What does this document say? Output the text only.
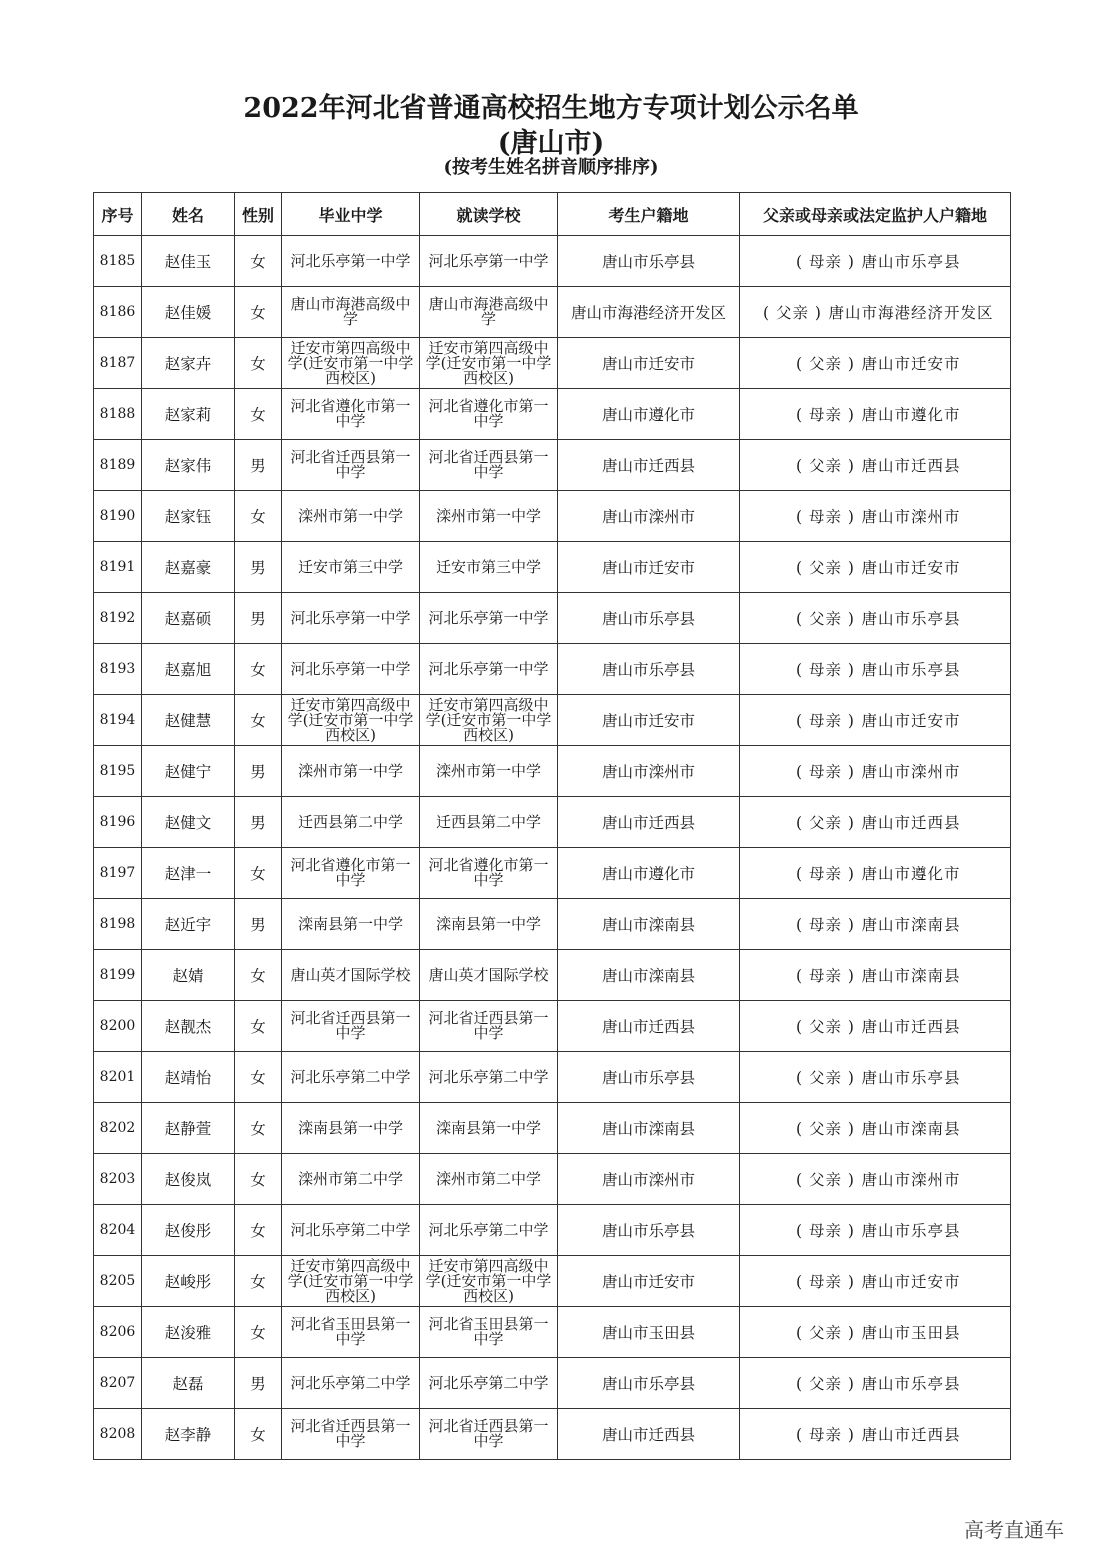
2022年河北省普通高校招生地方专项计划公示名单
(唐山市)
(按考生姓名拼音顺序排序)
序号	姓名	性别	毕业中学	就读学校	考生户籍地	父亲或母亲或法定监护人户籍地
8185	赵佳玉	女	河北乐亭第一中学	河北乐亭第一中学	唐山市乐亭县	( 母亲 ) 唐山市乐亭县
8186	赵佳媛	女	唐山市海港高级中学	唐山市海港高级中学	唐山市海港经济开发区	( 父亲 ) 唐山市海港经济开发区
8187	赵家卉	女	迁安市第四高级中学(迁安市第一中学西校区)	迁安市第四高级中学(迁安市第一中学西校区)	唐山市迁安市	( 父亲 ) 唐山市迁安市
8188	赵家莉	女	河北省遵化市第一中学	河北省遵化市第一中学	唐山市遵化市	( 母亲 ) 唐山市遵化市
8189	赵家伟	男	河北省迁西县第一中学	河北省迁西县第一中学	唐山市迁西县	( 父亲 ) 唐山市迁西县
8190	赵家钰	女	滦州市第一中学	滦州市第一中学	唐山市滦州市	( 母亲 ) 唐山市滦州市
8191	赵嘉豪	男	迁安市第三中学	迁安市第三中学	唐山市迁安市	( 父亲 ) 唐山市迁安市
8192	赵嘉硕	男	河北乐亭第一中学	河北乐亭第一中学	唐山市乐亭县	( 父亲 ) 唐山市乐亭县
8193	赵嘉旭	女	河北乐亭第一中学	河北乐亭第一中学	唐山市乐亭县	( 母亲 ) 唐山市乐亭县
8194	赵健慧	女	迁安市第四高级中学(迁安市第一中学西校区)	迁安市第四高级中学(迁安市第一中学西校区)	唐山市迁安市	( 母亲 ) 唐山市迁安市
8195	赵健宁	男	滦州市第一中学	滦州市第一中学	唐山市滦州市	( 母亲 ) 唐山市滦州市
8196	赵健文	男	迁西县第二中学	迁西县第二中学	唐山市迁西县	( 父亲 ) 唐山市迁西县
8197	赵津一	女	河北省遵化市第一中学	河北省遵化市第一中学	唐山市遵化市	( 母亲 ) 唐山市遵化市
8198	赵近宇	男	滦南县第一中学	滦南县第一中学	唐山市滦南县	( 母亲 ) 唐山市滦南县
8199	赵婧	女	唐山英才国际学校	唐山英才国际学校	唐山市滦南县	( 母亲 ) 唐山市滦南县
8200	赵靓杰	女	河北省迁西县第一中学	河北省迁西县第一中学	唐山市迁西县	( 父亲 ) 唐山市迁西县
8201	赵靖怡	女	河北乐亭第二中学	河北乐亭第二中学	唐山市乐亭县	( 父亲 ) 唐山市乐亭县
8202	赵静萱	女	滦南县第一中学	滦南县第一中学	唐山市滦南县	( 父亲 ) 唐山市滦南县
8203	赵俊岚	女	滦州市第二中学	滦州市第二中学	唐山市滦州市	( 父亲 ) 唐山市滦州市
8204	赵俊彤	女	河北乐亭第二中学	河北乐亭第二中学	唐山市乐亭县	( 母亲 ) 唐山市乐亭县
8205	赵峻彤	女	迁安市第四高级中学(迁安市第一中学西校区)	迁安市第四高级中学(迁安市第一中学西校区)	唐山市迁安市	( 母亲 ) 唐山市迁安市
8206	赵浚雅	女	河北省玉田县第一中学	河北省玉田县第一中学	唐山市玉田县	( 父亲 ) 唐山市玉田县
8207	赵磊	男	河北乐亭第二中学	河北乐亭第二中学	唐山市乐亭县	( 父亲 ) 唐山市乐亭县
8208	赵李静	女	河北省迁西县第一中学	河北省迁西县第一中学	唐山市迁西县	( 母亲 ) 唐山市迁西县
高考直通车
